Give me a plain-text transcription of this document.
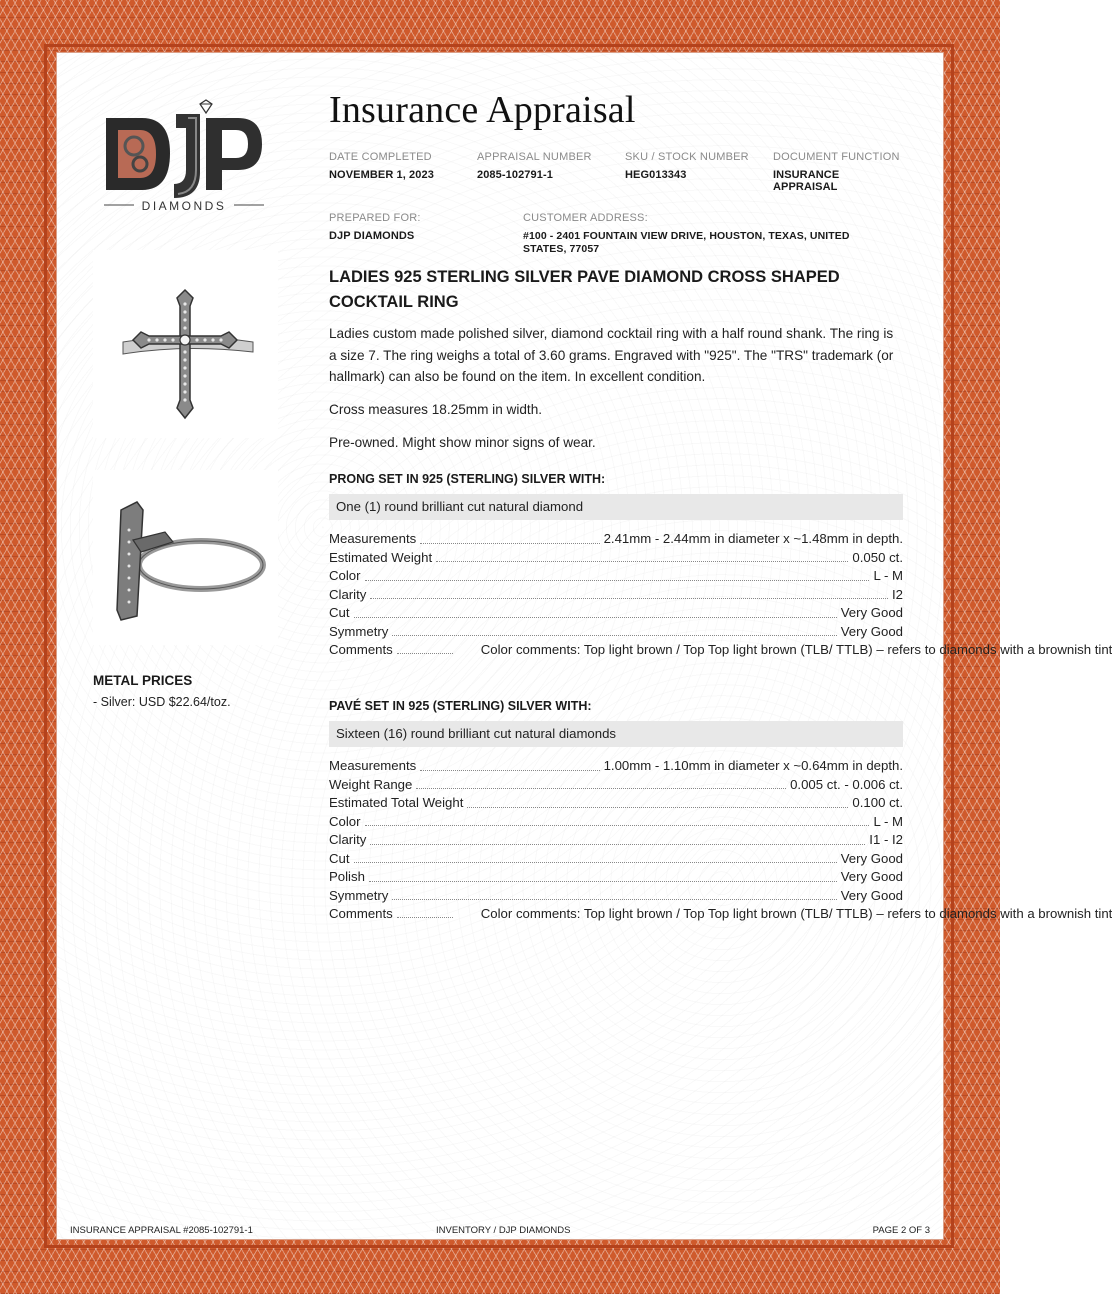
DIAMONDS
Insurance Appraisal
DATE COMPLETED
NOVEMBER 1, 2023
APPRAISAL NUMBER
2085-102791-1
SKU / STOCK NUMBER
HEG013343
DOCUMENT FUNCTION
INSURANCE APPRAISAL
PREPARED FOR:
DJP DIAMONDS
CUSTOMER ADDRESS:
#100 - 2401 FOUNTAIN VIEW DRIVE, HOUSTON, TEXAS, UNITED STATES, 77057
LADIES 925 STERLING SILVER PAVE DIAMOND CROSS SHAPED COCKTAIL RING
Ladies custom made polished silver, diamond cocktail ring with a half round shank. The ring is a size 7. The ring weighs a total of 3.60 grams. Engraved with "925". The "TRS" trademark (or hallmark) can also be found on the item. In excellent condition.
Cross measures 18.25mm in width.
Pre-owned. Might show minor signs of wear.
PRONG SET IN 925 (STERLING) SILVER WITH:
One (1) round brilliant cut natural diamond
Measurements	2.41mm - 2.44mm in diameter x ~1.48mm in depth.
Estimated Weight	0.050 ct.
Color	L - M
Clarity	I2
Cut	Very Good
Symmetry	Very Good
Comments	Color comments: Top light brown / Top Top light brown (TLB/ TTLB) – refers to diamonds with a brownish tint
PAVÉ SET IN 925 (STERLING) SILVER WITH:
Sixteen (16) round brilliant cut natural diamonds
Measurements	1.00mm - 1.10mm in diameter x ~0.64mm in depth.
Weight Range	0.005 ct. - 0.006 ct.
Estimated Total Weight	0.100 ct.
Color	L - M
Clarity	I1 - I2
Cut	Very Good
Polish	Very Good
Symmetry	Very Good
Comments	Color comments: Top light brown / Top Top light brown (TLB/ TTLB) – refers to diamonds with a brownish tint
METAL PRICES
- Silver: USD $22.64/toz.
INSURANCE APPRAISAL #2085-102791-1	INVENTORY / DJP DIAMONDS	PAGE 2 OF 3
